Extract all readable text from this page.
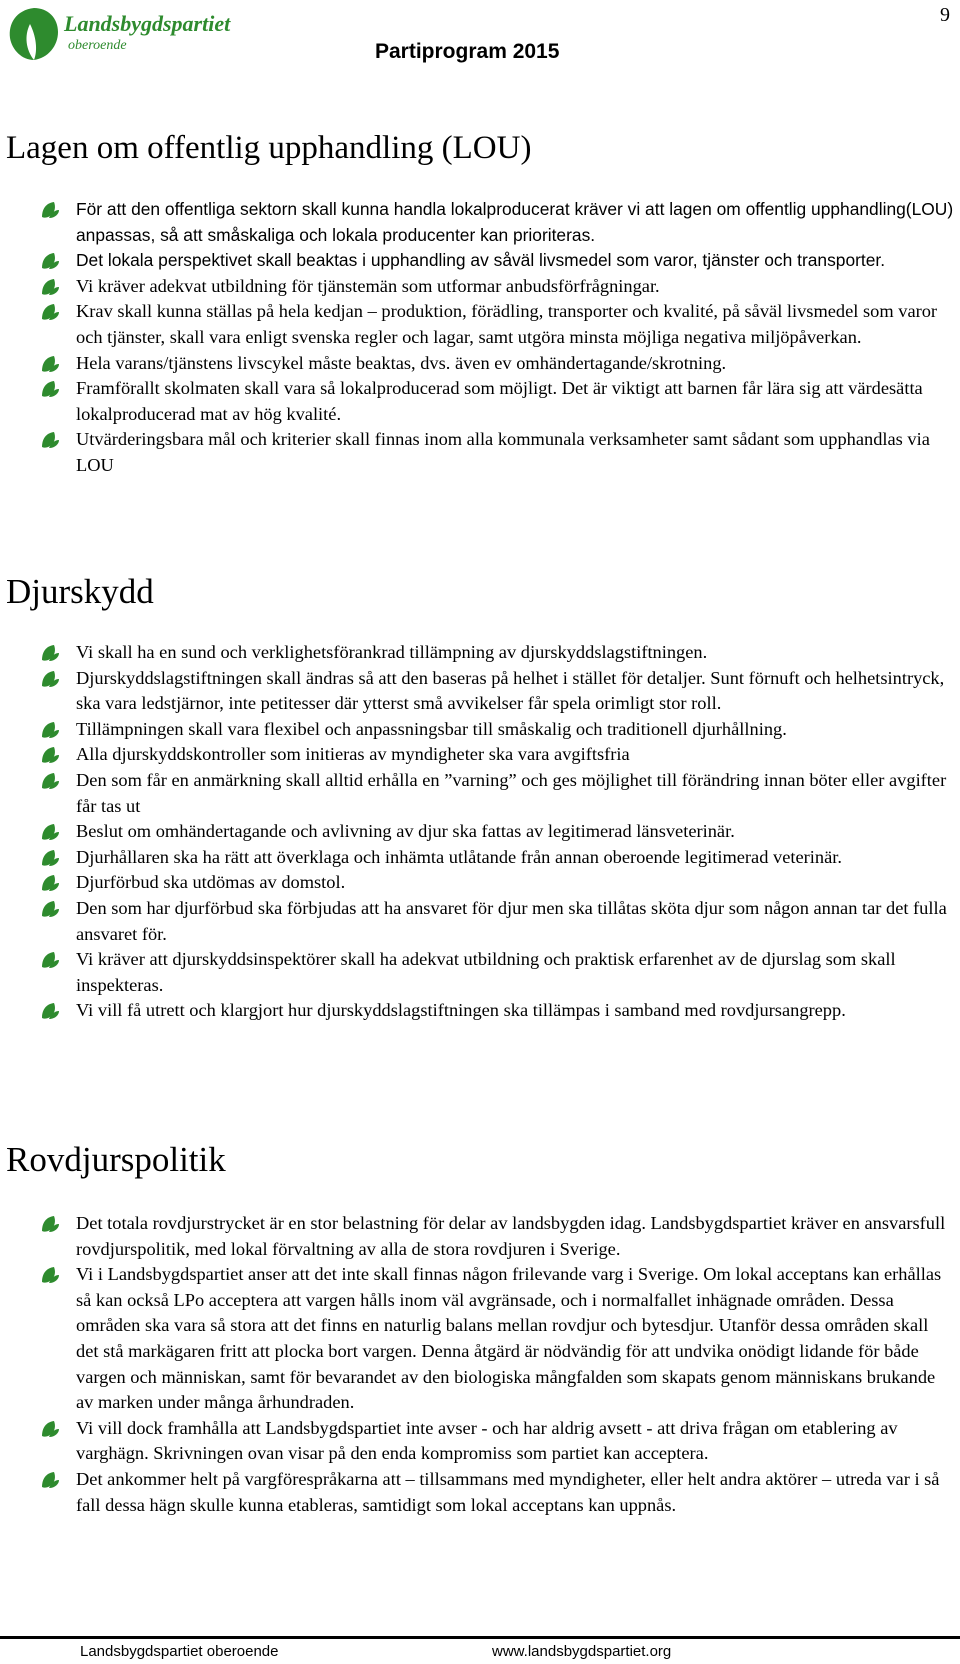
Landsbygdspartiet
oberoende	Partiprogram 2015
9
Lagen om offentlig upphandling (LOU)
För att den offentliga sektorn skall kunna handla lokalproducerat kräver vi att lagen om offentlig upphandling(LOU) anpassas, så att småskaliga och lokala producenter kan prioriteras.
Det lokala perspektivet skall beaktas i upphandling av såväl livsmedel som varor, tjänster och transporter.
Vi kräver adekvat utbildning för tjänstemän som utformar anbudsförfrågningar.
Krav skall kunna ställas på hela kedjan – produktion, förädling, transporter och kvalité, på såväl livsmedel som varor och tjänster, skall vara enligt svenska regler och lagar, samt utgöra minsta möjliga negativa miljöpåverkan.
Hela varans/tjänstens livscykel måste beaktas, dvs. även ev omhändertagande/skrotning.
Framförallt skolmaten skall vara så lokalproducerad som möjligt. Det är viktigt att barnen får lära sig att värdesätta lokalproducerad mat av hög kvalité.
Utvärderingsbara mål och kriterier skall finnas inom alla kommunala verksamheter samt sådant som upphandlas via LOU
Djurskydd
Vi skall ha en sund och verklighetsförankrad tillämpning av djurskyddslagstiftningen.
Djurskyddslagstiftningen skall ändras så att den baseras på helhet i stället för detaljer. Sunt förnuft och helhetsintryck, ska vara ledstjärnor, inte petitesser där ytterst små avvikelser får spela orimligt stor roll.
Tillämpningen skall vara flexibel och anpassningsbar till småskalig och traditionell djurhållning.
Alla djurskyddskontroller som initieras av myndigheter ska vara avgiftsfria
Den som får en anmärkning skall alltid erhålla en ”varning” och ges möjlighet till förändring innan böter eller avgifter får tas ut
Beslut om omhändertagande och avlivning av djur ska fattas av legitimerad länsveterinär.
Djurhållaren ska ha rätt att överklaga och inhämta utlåtande från annan oberoende legitimerad veterinär.
Djurförbud ska utdömas av domstol.
Den som har djurförbud ska förbjudas att ha ansvaret för djur men ska tillåtas sköta djur som någon annan tar det fulla ansvaret för.
Vi kräver att djurskyddsinspektörer skall ha adekvat utbildning och praktisk erfarenhet av de djurslag som skall inspekteras.
Vi vill få utrett och klargjort hur djurskyddslagstiftningen ska tillämpas i samband med rovdjursangrepp.
Rovdjurspolitik
Det totala rovdjurstrycket är en stor belastning för delar av landsbygden idag. Landsbygdspartiet kräver en ansvarsfull rovdjurspolitik, med lokal förvaltning av alla de stora rovdjuren i Sverige.
Vi i Landsbygdspartiet anser att det inte skall finnas någon frilevande varg i Sverige. Om lokal acceptans kan erhållas så kan också LPo acceptera att vargen hålls inom väl avgränsade, och i normalfallet inhägnade områden. Dessa områden ska vara så stora att det finns en naturlig balans mellan rovdjur och bytesdjur. Utanför dessa områden skall det stå markägaren fritt att plocka bort vargen. Denna åtgärd är nödvändig för att undvika onödigt lidande för både vargen och människan, samt för bevarandet av den biologiska mångfalden som skapats genom människans brukande av marken under många århundraden.
Vi vill dock framhålla att Landsbygdspartiet inte avser - och har aldrig avsett - att driva frågan om etablering av varghägn. Skrivningen ovan visar på den enda kompromiss som partiet kan acceptera.
Det ankommer helt på vargförespråkarna att – tillsammans med myndigheter, eller helt andra aktörer – utreda var i så fall dessa hägn skulle kunna etableras, samtidigt som lokal acceptans kan uppnås.
Landsbygdspartiet oberoende	www.landsbygdspartiet.org
